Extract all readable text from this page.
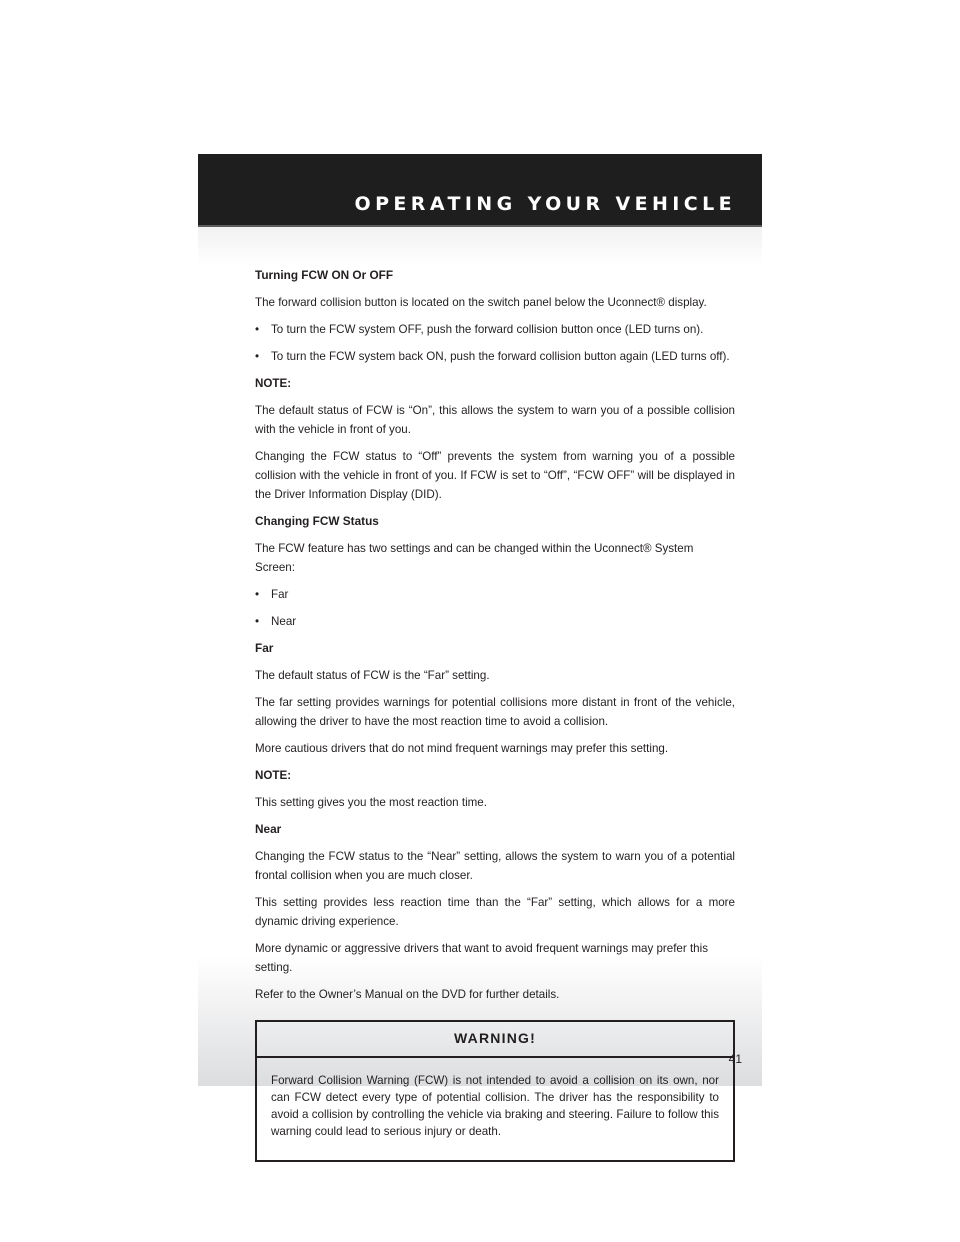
OPERATING YOUR VEHICLE
Turning FCW ON Or OFF

The forward collision button is located on the switch panel below the Uconnect® display.

• To turn the FCW system OFF, push the forward collision button once (LED turns on).
• To turn the FCW system back ON, push the forward collision button again (LED turns off).

NOTE:

The default status of FCW is “On”, this allows the system to warn you of a possible collision with the vehicle in front of you.

Changing the FCW status to “Off” prevents the system from warning you of a possible collision with the vehicle in front of you. If FCW is set to “Off”, “FCW OFF” will be displayed in the Driver Information Display (DID).

Changing FCW Status

The FCW feature has two settings and can be changed within the Uconnect® System Screen:

• Far
• Near
Far

The default status of FCW is the “Far” setting.

The far setting provides warnings for potential collisions more distant in front of the vehicle, allowing the driver to have the most reaction time to avoid a collision.

More cautious drivers that do not mind frequent warnings may prefer this setting.

NOTE:

This setting gives you the most reaction time.

Near

Changing the FCW status to the “Near” setting, allows the system to warn you of a potential frontal collision when you are much closer.

This setting provides less reaction time than the “Far” setting, which allows for a more dynamic driving experience.

More dynamic or aggressive drivers that want to avoid frequent warnings may prefer this setting.

Refer to the Owner’s Manual on the DVD for further details.

WARNING!

Forward Collision Warning (FCW) is not intended to avoid a collision on its own, nor can FCW detect every type of potential collision. The driver has the responsibility to avoid a collision by controlling the vehicle via braking and steering. Failure to follow this warning could lead to serious injury or death.

41
